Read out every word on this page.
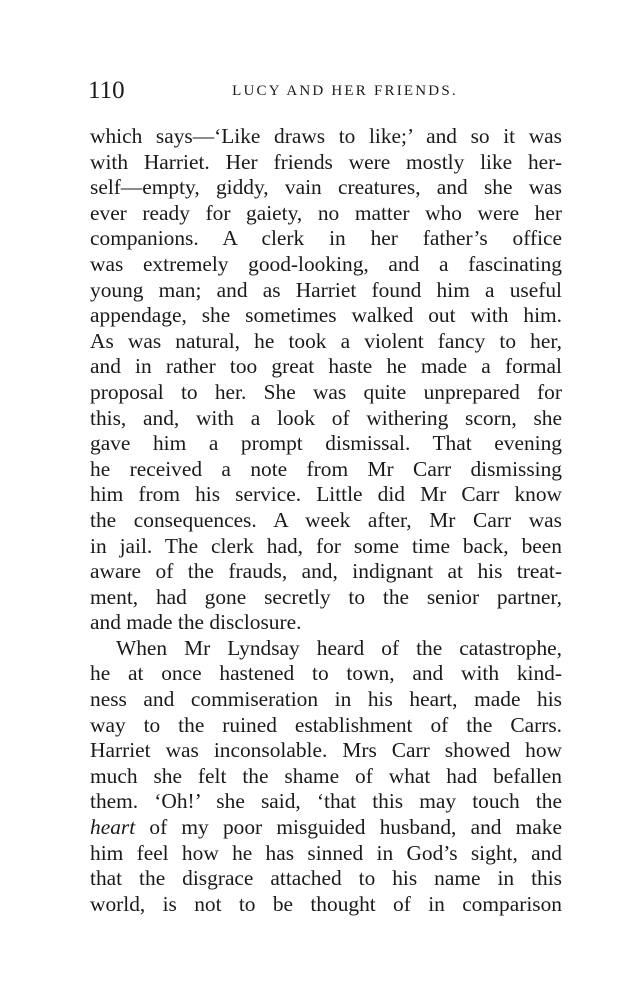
110	LUCY AND HER FRIENDS.
which says—‘Like draws to like;’ and so it was
with Harriet. Her friends were mostly like her-
self—empty, giddy, vain creatures, and she was
ever ready for gaiety, no matter who were her
companions. A clerk in her father’s office
was extremely good-looking, and a fascinating
young man; and as Harriet found him a useful
appendage, she sometimes walked out with him.
As was natural, he took a violent fancy to her,
and in rather too great haste he made a formal
proposal to her. She was quite unprepared for
this, and, with a look of withering scorn, she
gave him a prompt dismissal. That evening
he received a note from Mr Carr dismissing
him from his service. Little did Mr Carr know
the consequences. A week after, Mr Carr was
in jail. The clerk had, for some time back, been
aware of the frauds, and, indignant at his treat-
ment, had gone secretly to the senior partner,
and made the disclosure.
When Mr Lyndsay heard of the catastrophe,
he at once hastened to town, and with kind-
ness and commiseration in his heart, made his
way to the ruined establishment of the Carrs.
Harriet was inconsolable. Mrs Carr showed how
much she felt the shame of what had befallen
them. ‘Oh!’ she said, ‘that this may touch the
heart of my poor misguided husband, and make
him feel how he has sinned in God’s sight, and
that the disgrace attached to his name in this
world, is not to be thought of in comparison
